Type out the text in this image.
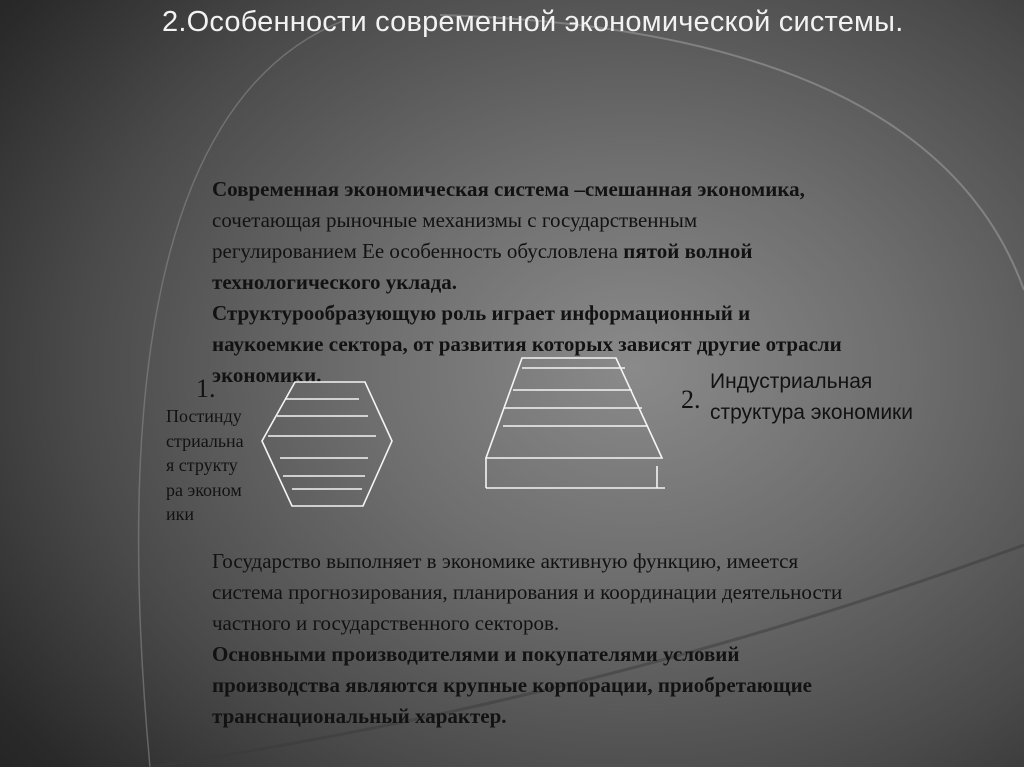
2.Особенности современной экономической системы.
Современная экономическая система –смешанная экономика,
сочетающая рыночные механизмы с государственным
регулированием Ее особенность обусловлена пятой волной
технологического уклада.
Структурообразующую роль играет информационный и
наукоемкие сектора, от развития которых зависят другие отрасли
экономики.
1.
Постиндустриальная структура экономики
2.
Индустриальная структура экономики
Государство выполняет в экономике активную функцию, имеется
система прогнозирования, планирования и координации деятельности
частного и государственного секторов.
Основными производителями и покупателями условий
производства являются крупные корпорации, приобретающие
транснациональный характер.
